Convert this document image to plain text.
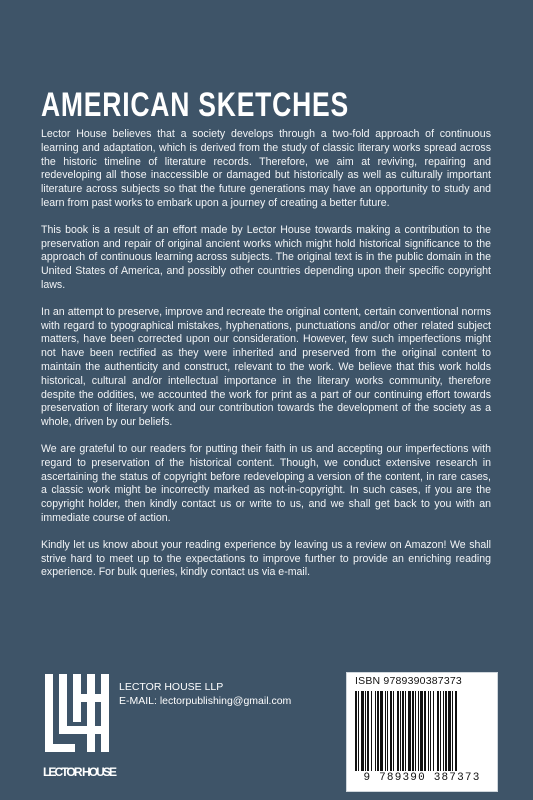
AMERICAN SKETCHES

Lector House believes that a society develops through a two-fold approach of continuous learning and adaptation, which is derived from the study of classic literary works spread across the historic timeline of literature records. Therefore, we aim at reviving, repairing and redeveloping all those inaccessible or damaged but historically as well as culturally important literature across subjects so that the future generations may have an opportunity to study and learn from past works to embark upon a journey of creating a better future.

This book is a result of an effort made by Lector House towards making a contribution to the preservation and repair of original ancient works which might hold historical significance to the approach of continuous learning across subjects. The original text is in the public domain in the United States of America, and possibly other countries depending upon their specific copyright laws.

In an attempt to preserve, improve and recreate the original content, certain conventional norms with regard to typographical mistakes, hyphenations, punctuations and/or other related subject matters, have been corrected upon our consideration. However, few such imperfections might not have been rectified as they were inherited and preserved from the original content to maintain the authenticity and construct, relevant to the work. We believe that this work holds historical, cultural and/or intellectual importance in the literary works community, therefore despite the oddities, we accounted the work for print as a part of our continuing effort towards preservation of literary work and our contribution towards the development of the society as a whole, driven by our beliefs.

We are grateful to our readers for putting their faith in us and accepting our imperfections with regard to preservation of the historical content. Though, we conduct extensive research in ascertaining the status of copyright before redeveloping a version of the content, in rare cases, a classic work might be incorrectly marked as not-in-copyright. In such cases, if you are the copyright holder, then kindly contact us or write to us, and we shall get back to you with an immediate course of action.

Kindly let us know about your reading experience by leaving us a review on Amazon! We shall strive hard to meet up to the expectations to improve further to provide an enriching reading experience. For bulk queries, kindly contact us via e-mail.

LECTOR HOUSE
LECTOR HOUSE LLP
E-MAIL: lectorpublishing@gmail.com
ISBN 9789390387373
9 789390 387373
